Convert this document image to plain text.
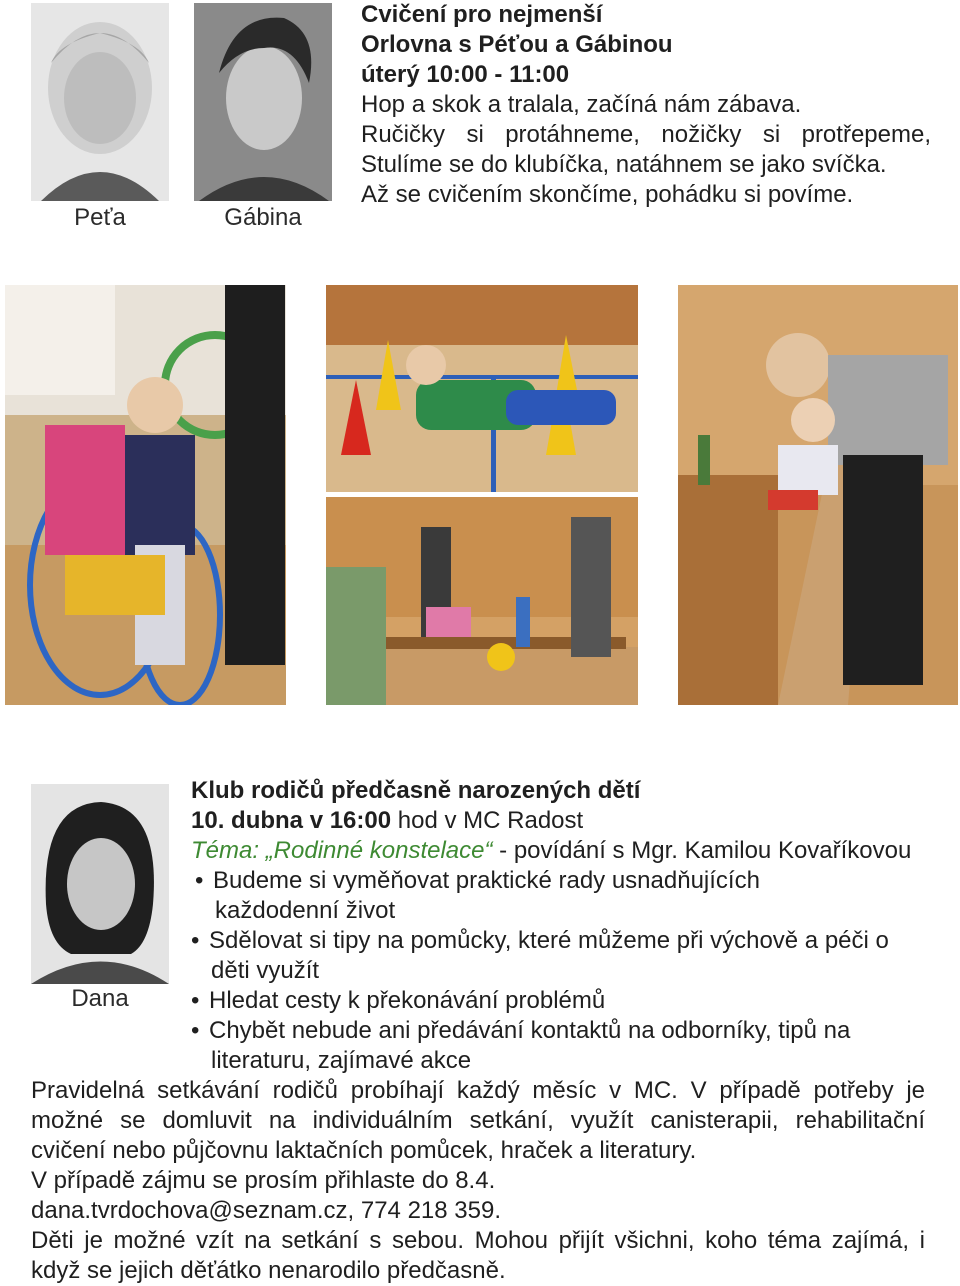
Peťa	Gábina
Cvičení pro nejmenší
Orlovna s Péťou a Gábinou
úterý 10:00 - 11:00
Hop a skok a tralala, začíná nám zábava.
Ručičky si protáhneme, nožičky si protřepeme,
Stulíme se do klubíčka, natáhnem se jako svíčka.
Až se cvičením skončíme, pohádku si povíme.
Dana
Klub rodičů předčasně narozených dětí
10. dubna v 16:00 hod v MC Radost
Téma: „Rodinné konstelace“ - povídání s Mgr. Kamilou Kovaříkovou
• Budeme si vyměňovat praktické rady usnadňujících
každodenní život
• Sdělovat si tipy na pomůcky, které můžeme při výchově a péči o
děti využít
• Hledat cesty k překonávání problémů
• Chybět nebude ani předávání kontaktů na odborníky, tipů na
literaturu, zajímavé akce
Pravidelná setkávání rodičů probíhají každý měsíc v MC. V případě potřeby je
možné se domluvit na individuálním setkání, využít canisterapii, rehabilitační
cvičení nebo půjčovnu laktačních pomůcek, hraček a literatury.
V případě zájmu se prosím přihlaste do 8.4.
dana.tvrdochova@seznam.cz, 774 218 359.
Děti je možné vzít na setkání s sebou. Mohou přijít všichni, koho téma zajímá, i
když se jejich děťátko nenarodilo předčasně.
